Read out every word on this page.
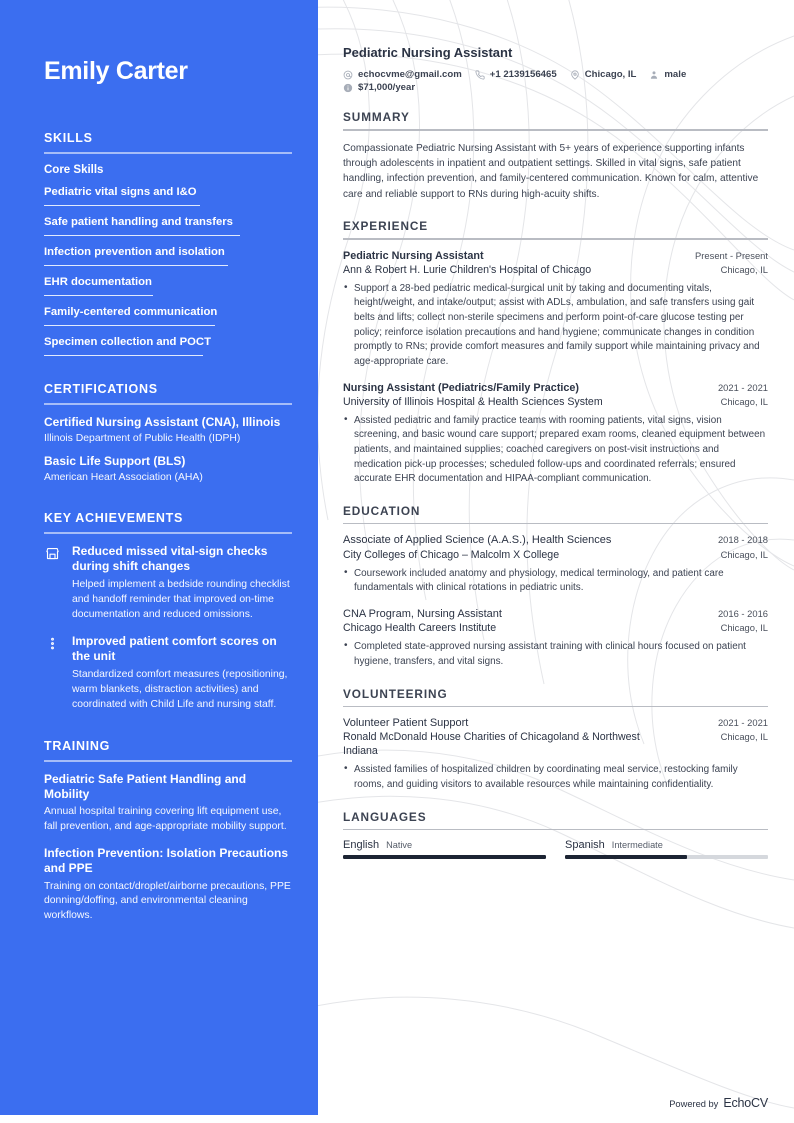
Emily Carter
SKILLS
Core Skills
Pediatric vital signs and I&O
Safe patient handling and transfers
Infection prevention and isolation
EHR documentation
Family-centered communication
Specimen collection and POCT
CERTIFICATIONS
Certified Nursing Assistant (CNA), Illinois
Illinois Department of Public Health (IDPH)
Basic Life Support (BLS)
American Heart Association (AHA)
KEY ACHIEVEMENTS
Reduced missed vital-sign checks during shift changes
Helped implement a bedside rounding checklist and handoff reminder that improved on-time documentation and reduced omissions.
Improved patient comfort scores on the unit
Standardized comfort measures (repositioning, warm blankets, distraction activities) and coordinated with Child Life and nursing staff.
TRAINING
Pediatric Safe Patient Handling and Mobility
Annual hospital training covering lift equipment use, fall prevention, and age-appropriate mobility support.
Infection Prevention: Isolation Precautions and PPE
Training on contact/droplet/airborne precautions, PPE donning/doffing, and environmental cleaning workflows.
Pediatric Nursing Assistant
echocvme@gmail.com	+1 2139156465	Chicago, IL	male
$71,000/year
SUMMARY

Compassionate Pediatric Nursing Assistant with 5+ years of experience supporting infants through adolescents in inpatient and outpatient settings. Skilled in vital signs, safe patient handling, infection prevention, and family-centered communication. Known for calm, attentive care and reliable support to RNs during high-acuity shifts.

EXPERIENCE
Pediatric Nursing Assistant	Present - Present
Ann & Robert H. Lurie Children's Hospital of Chicago	Chicago, IL
• Support a 28-bed pediatric medical-surgical unit by taking and documenting vitals, height/weight, and intake/output; assist with ADLs, ambulation, and safe transfers using gait belts and lifts; collect non-sterile specimens and perform point-of-care glucose testing per policy; reinforce isolation precautions and hand hygiene; communicate changes in condition promptly to RNs; provide comfort measures and family support while maintaining privacy and age-appropriate care.
Nursing Assistant (Pediatrics/Family Practice)	2021 - 2021
University of Illinois Hospital & Health Sciences System	Chicago, IL
• Assisted pediatric and family practice teams with rooming patients, vital signs, vision screening, and basic wound care support; prepared exam rooms, cleaned equipment between patients, and maintained supplies; coached caregivers on post-visit instructions and medication pick-up processes; scheduled follow-ups and coordinated referrals; ensured accurate EHR documentation and HIPAA-compliant communication.
EDUCATION
Associate of Applied Science (A.A.S.), Health Sciences	2018 - 2018
City Colleges of Chicago – Malcolm X College	Chicago, IL
• Coursework included anatomy and physiology, medical terminology, and patient care fundamentals with clinical rotations in pediatric units.
CNA Program, Nursing Assistant	2016 - 2016
Chicago Health Careers Institute	Chicago, IL
• Completed state-approved nursing assistant training with clinical hours focused on patient hygiene, transfers, and vital signs.
VOLUNTEERING
Volunteer Patient Support	2021 - 2021
Ronald McDonald House Charities of Chicagoland & Northwest Indiana
Chicago, IL
• Assisted families of hospitalized children by coordinating meal service, restocking family rooms, and guiding visitors to available resources while maintaining confidentiality.
LANGUAGES
English Native	Spanish Intermediate
Powered by EchoCV
